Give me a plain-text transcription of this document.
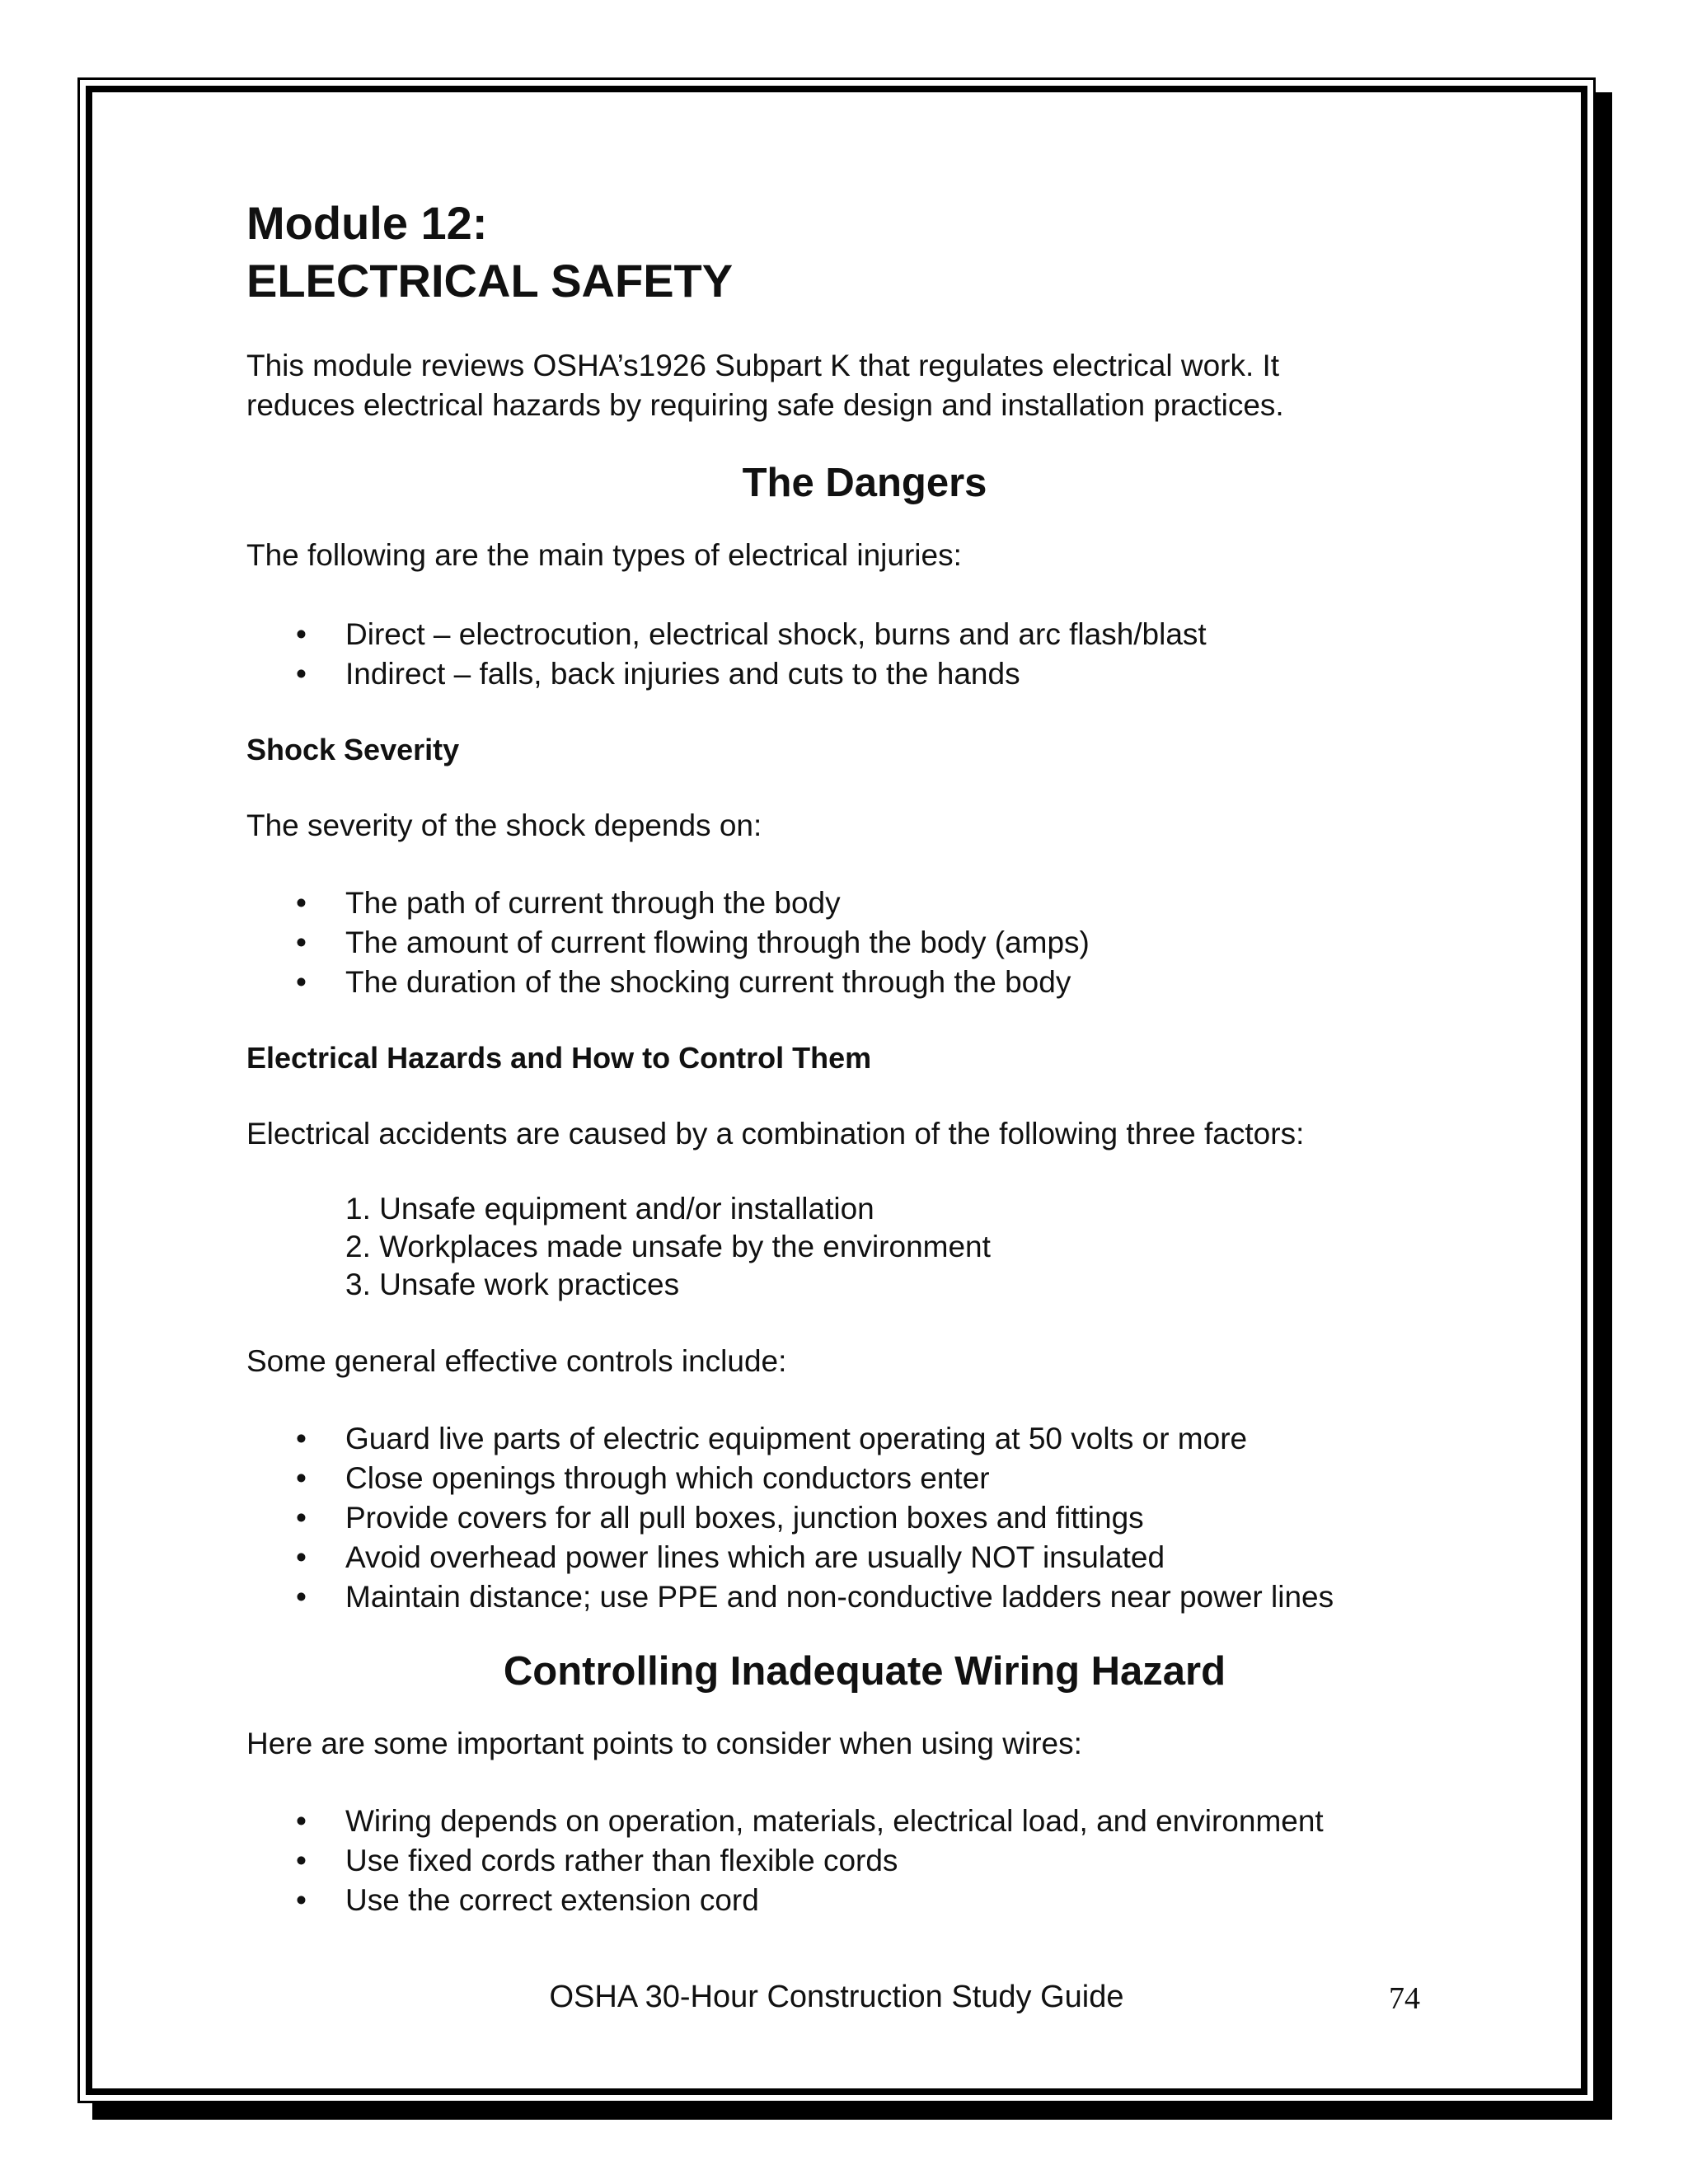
Module 12:
ELECTRICAL SAFETY

This module reviews OSHA’s1926 Subpart K that regulates electrical work. It
reduces electrical hazards by requiring safe design and installation practices.

The Dangers

The following are the main types of electrical injuries:

• Direct – electrocution, electrical shock, burns and arc flash/blast
• Indirect – falls, back injuries and cuts to the hands
Shock Severity

The severity of the shock depends on:

• The path of current through the body
• The amount of current flowing through the body (amps)
• The duration of the shocking current through the body
Electrical Hazards and How to Control Them

Electrical accidents are caused by a combination of the following three factors:

1. Unsafe equipment and/or installation
2. Workplaces made unsafe by the environment
3. Unsafe work practices

Some general effective controls include:

• Guard live parts of electric equipment operating at 50 volts or more
• Close openings through which conductors enter
• Provide covers for all pull boxes, junction boxes and fittings
• Avoid overhead power lines which are usually NOT insulated
• Maintain distance; use PPE and non-conductive ladders near power lines
Controlling Inadequate Wiring Hazard

Here are some important points to consider when using wires:

• Wiring depends on operation, materials, electrical load, and environment
• Use fixed cords rather than flexible cords
• Use the correct extension cord
OSHA 30-Hour Construction Study Guide	74
